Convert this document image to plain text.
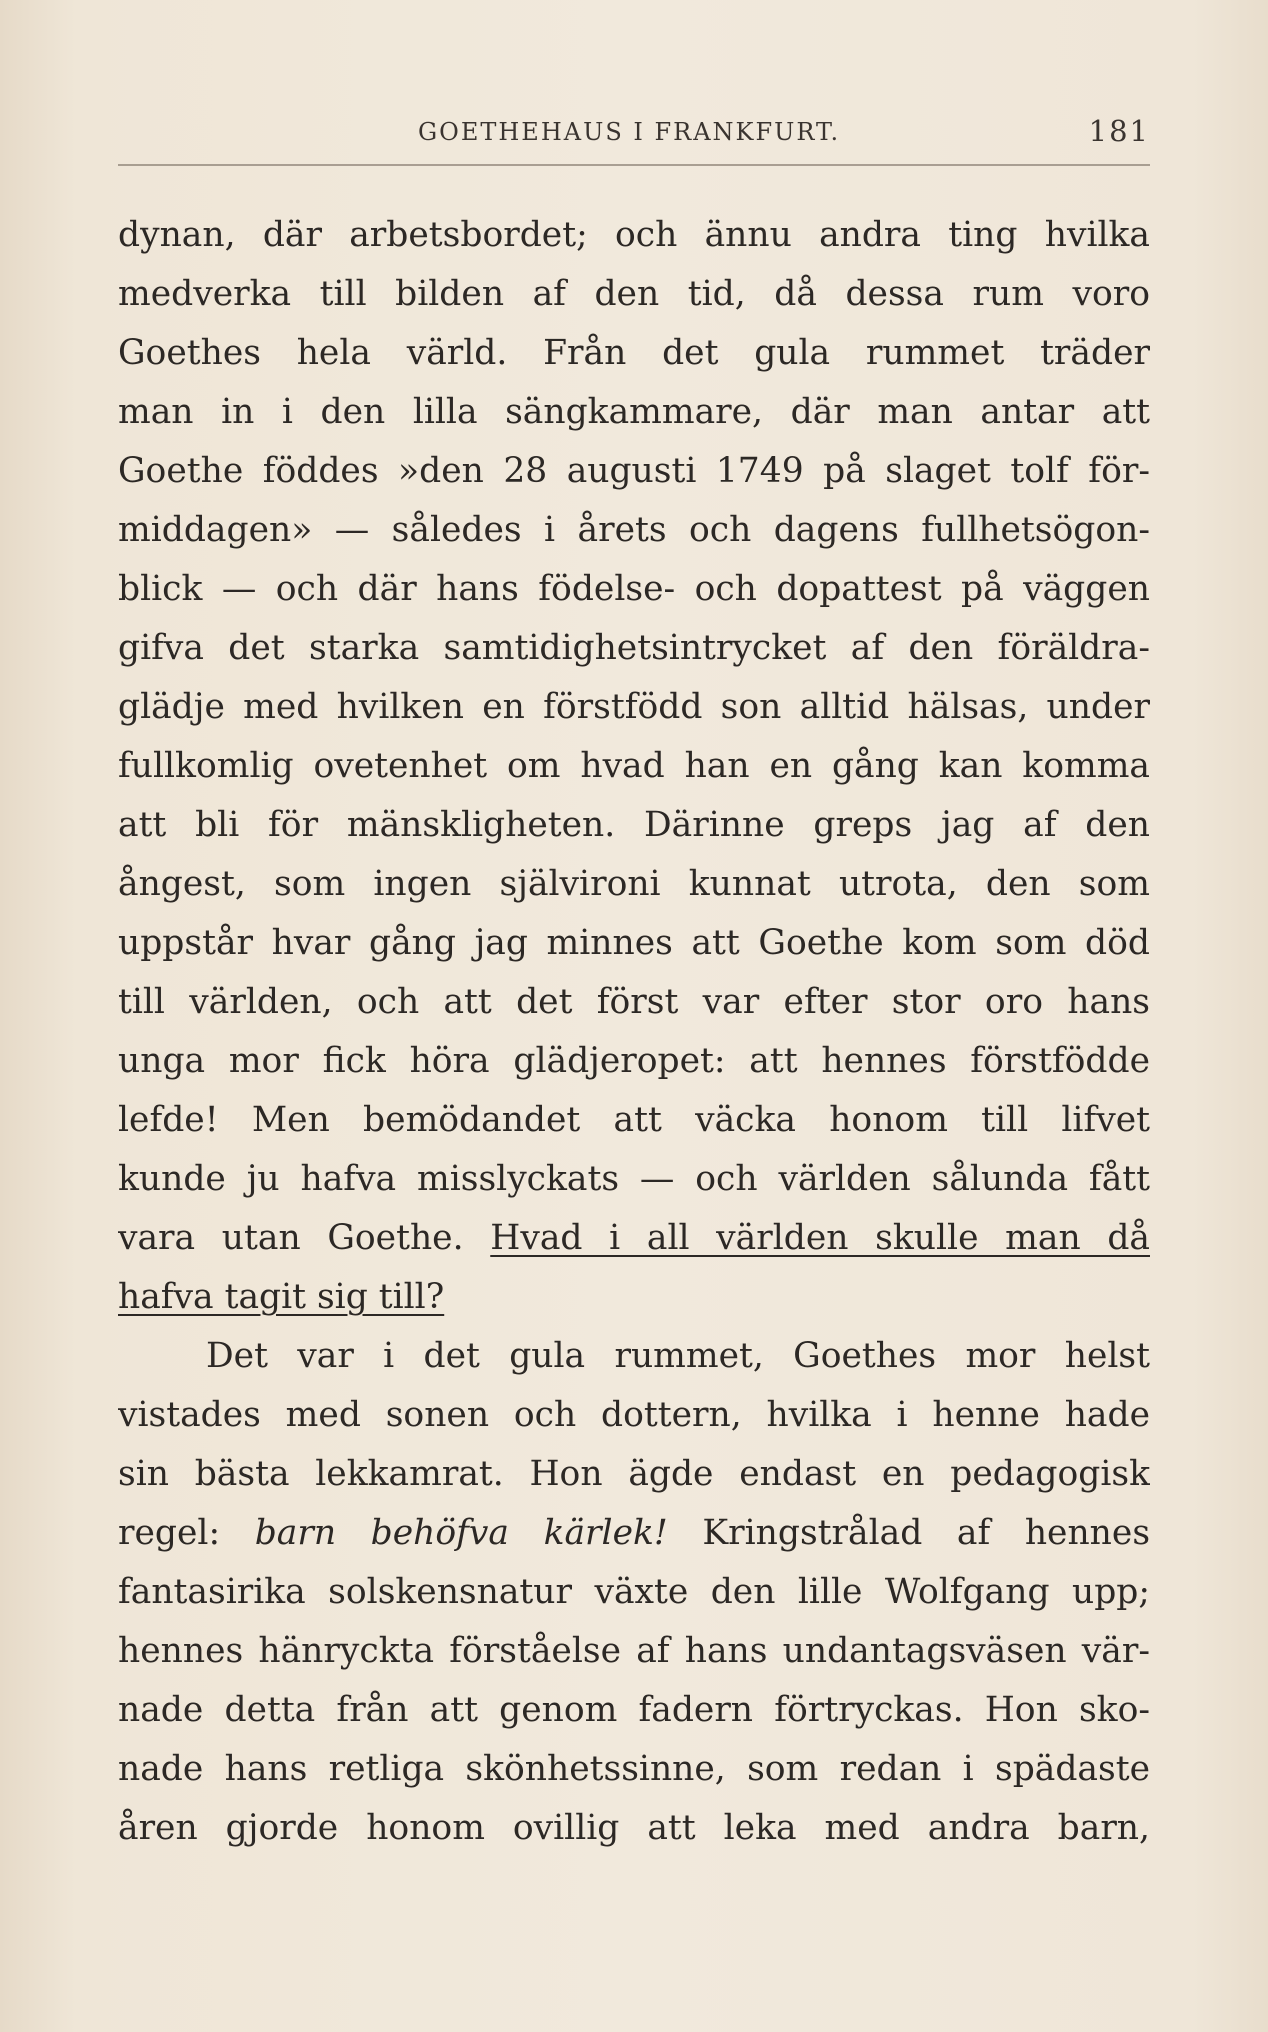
GOETHEHAUS I FRANKFURT.	181
dynan, där arbetsbordet; och ännu andra ting hvilka
medverka till bilden af den tid, då dessa rum voro
Goethes hela värld. Från det gula rummet träder
man in i den lilla sängkammare, där man antar att
Goethe föddes »den 28 augusti 1749 på slaget tolf för-
middagen» — således i årets och dagens fullhetsögon-
blick — och där hans födelse- och dopattest på väggen
gifva det starka samtidighetsintrycket af den föräldra-
glädje med hvilken en förstfödd son alltid hälsas, under
fullkomlig ovetenhet om hvad han en gång kan komma
att bli för mänskligheten. Därinne greps jag af den
ångest, som ingen självironi kunnat utrota, den som
uppstår hvar gång jag minnes att Goethe kom som död
till världen, och att det först var efter stor oro hans
unga mor fick höra glädjeropet: att hennes förstfödde
lefde! Men bemödandet att väcka honom till lifvet
kunde ju hafva misslyckats — och världen sålunda fått
vara utan Goethe. Hvad i all världen skulle man då
hafva tagit sig till?
Det var i det gula rummet, Goethes mor helst
vistades med sonen och dottern, hvilka i henne hade
sin bästa lekkamrat. Hon ägde endast en pedagogisk
regel: barn behöfva kärlek! Kringstrålad af hennes
fantasirika solskensnatur växte den lille Wolfgang upp;
hennes hänryckta förståelse af hans undantagsväsen vär-
nade detta från att genom fadern förtryckas. Hon sko-
nade hans retliga skönhetssinne, som redan i spädaste
åren gjorde honom ovillig att leka med andra barn,
